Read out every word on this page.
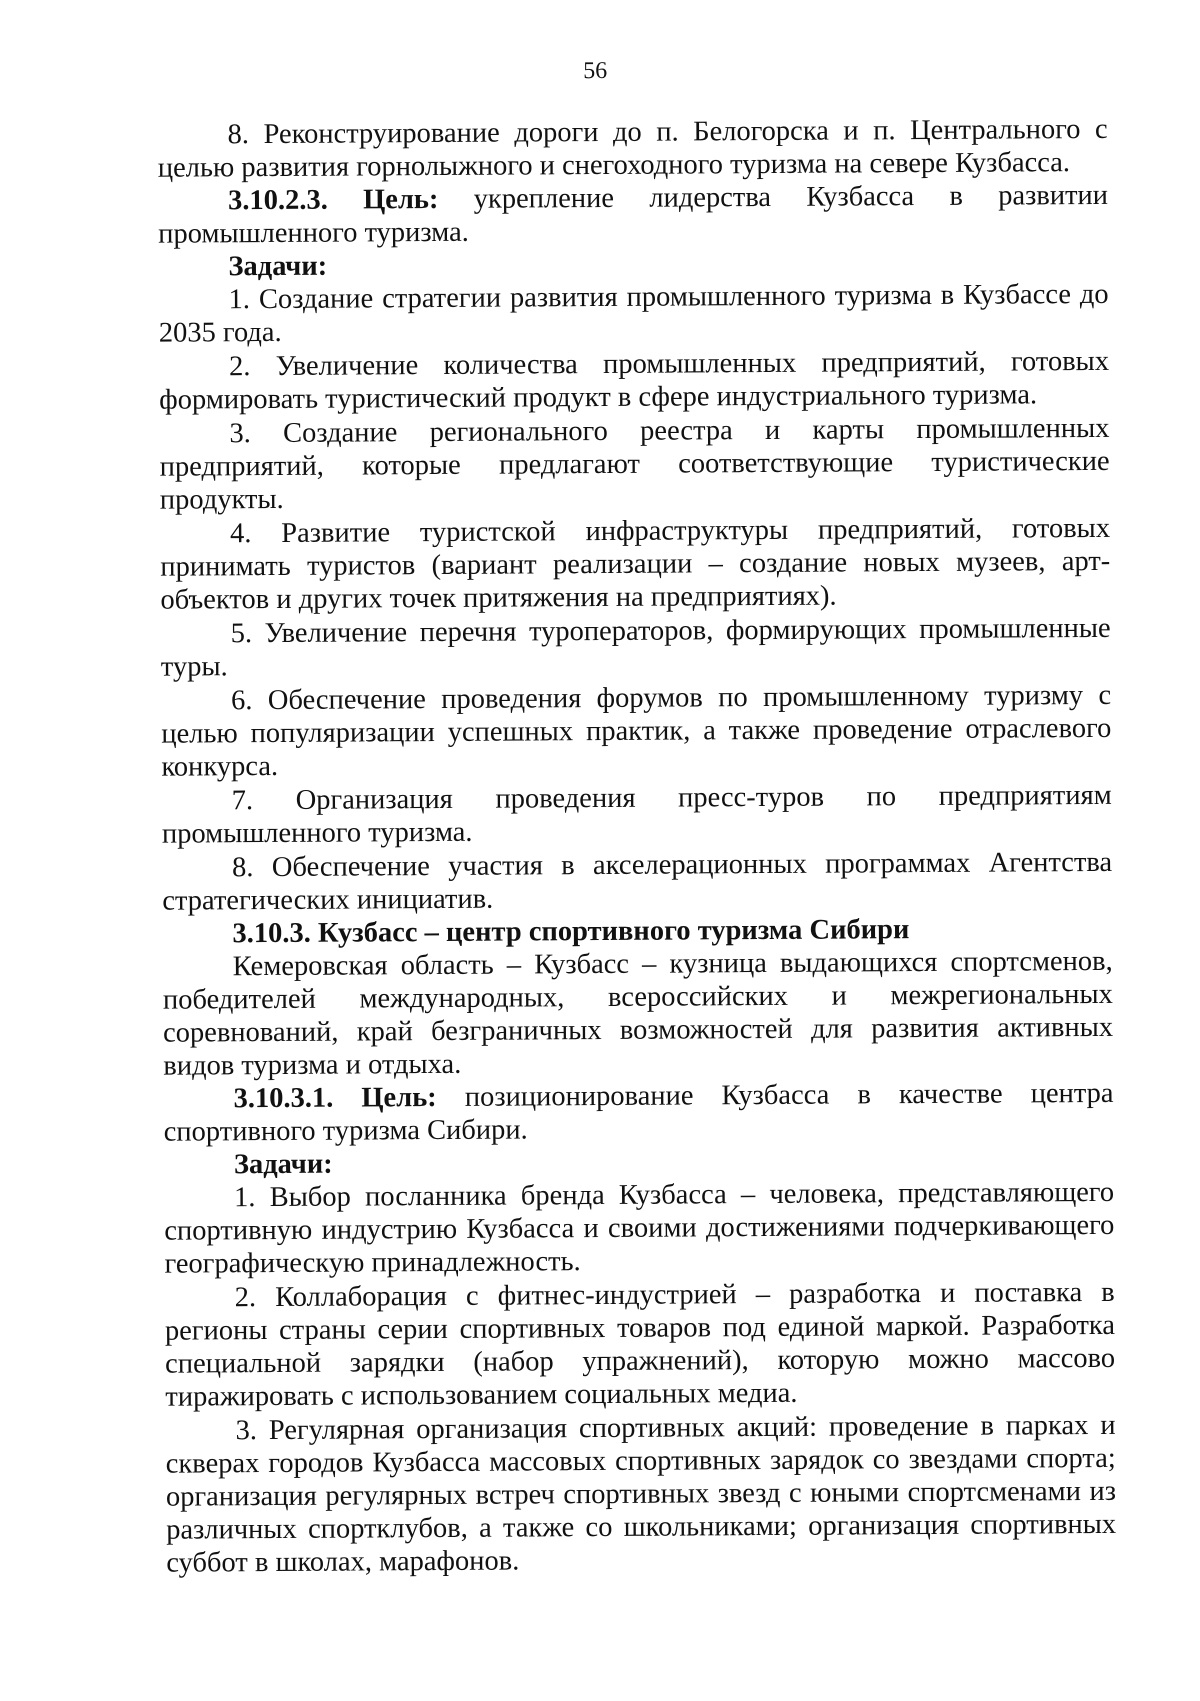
56

8. Реконструирование дороги до п. Белогорска и п. Центрального с целью развития горнолыжного и снегоходного туризма на севере Кузбасса.

3.10.2.3. Цель: укрепление лидерства Кузбасса в развитии промышленного туризма.

Задачи:

1. Создание стратегии развития промышленного туризма в Кузбассе до 2035 года.

2. Увеличение количества промышленных предприятий, готовых формировать туристический продукт в сфере индустриального туризма.

3. Создание регионального реестра и карты промышленных предприятий, которые предлагают соответствующие туристические продукты.

4. Развитие туристской инфраструктуры предприятий, готовых принимать туристов (вариант реализации – создание новых музеев, арт-объектов и других точек притяжения на предприятиях).

5. Увеличение перечня туроператоров, формирующих промышленные туры.

6. Обеспечение проведения форумов по промышленному туризму с целью популяризации успешных практик, а также проведение отраслевого конкурса.

7. Организация проведения пресс-туров по предприятиям промышленного туризма.

8. Обеспечение участия в акселерационных программах Агентства стратегических инициатив.

3.10.3. Кузбасс – центр спортивного туризма Сибири

Кемеровская область – Кузбасс – кузница выдающихся спортсменов, победителей международных, всероссийских и межрегиональных соревнований, край безграничных возможностей для развития активных видов туризма и отдыха.

3.10.3.1. Цель: позиционирование Кузбасса в качестве центра спортивного туризма Сибири.

Задачи:

1. Выбор посланника бренда Кузбасса – человека, представляющего спортивную индустрию Кузбасса и своими достижениями подчеркивающего географическую принадлежность.

2. Коллаборация с фитнес-индустрией – разработка и поставка в регионы страны серии спортивных товаров под единой маркой. Разработка специальной зарядки (набор упражнений), которую можно массово тиражировать с использованием социальных медиа.

3. Регулярная организация спортивных акций: проведение в парках и скверах городов Кузбасса массовых спортивных зарядок со звездами спорта; организация регулярных встреч спортивных звезд с юными спортсменами из различных спортклубов, а также со школьниками; организация спортивных суббот в школах, марафонов.
